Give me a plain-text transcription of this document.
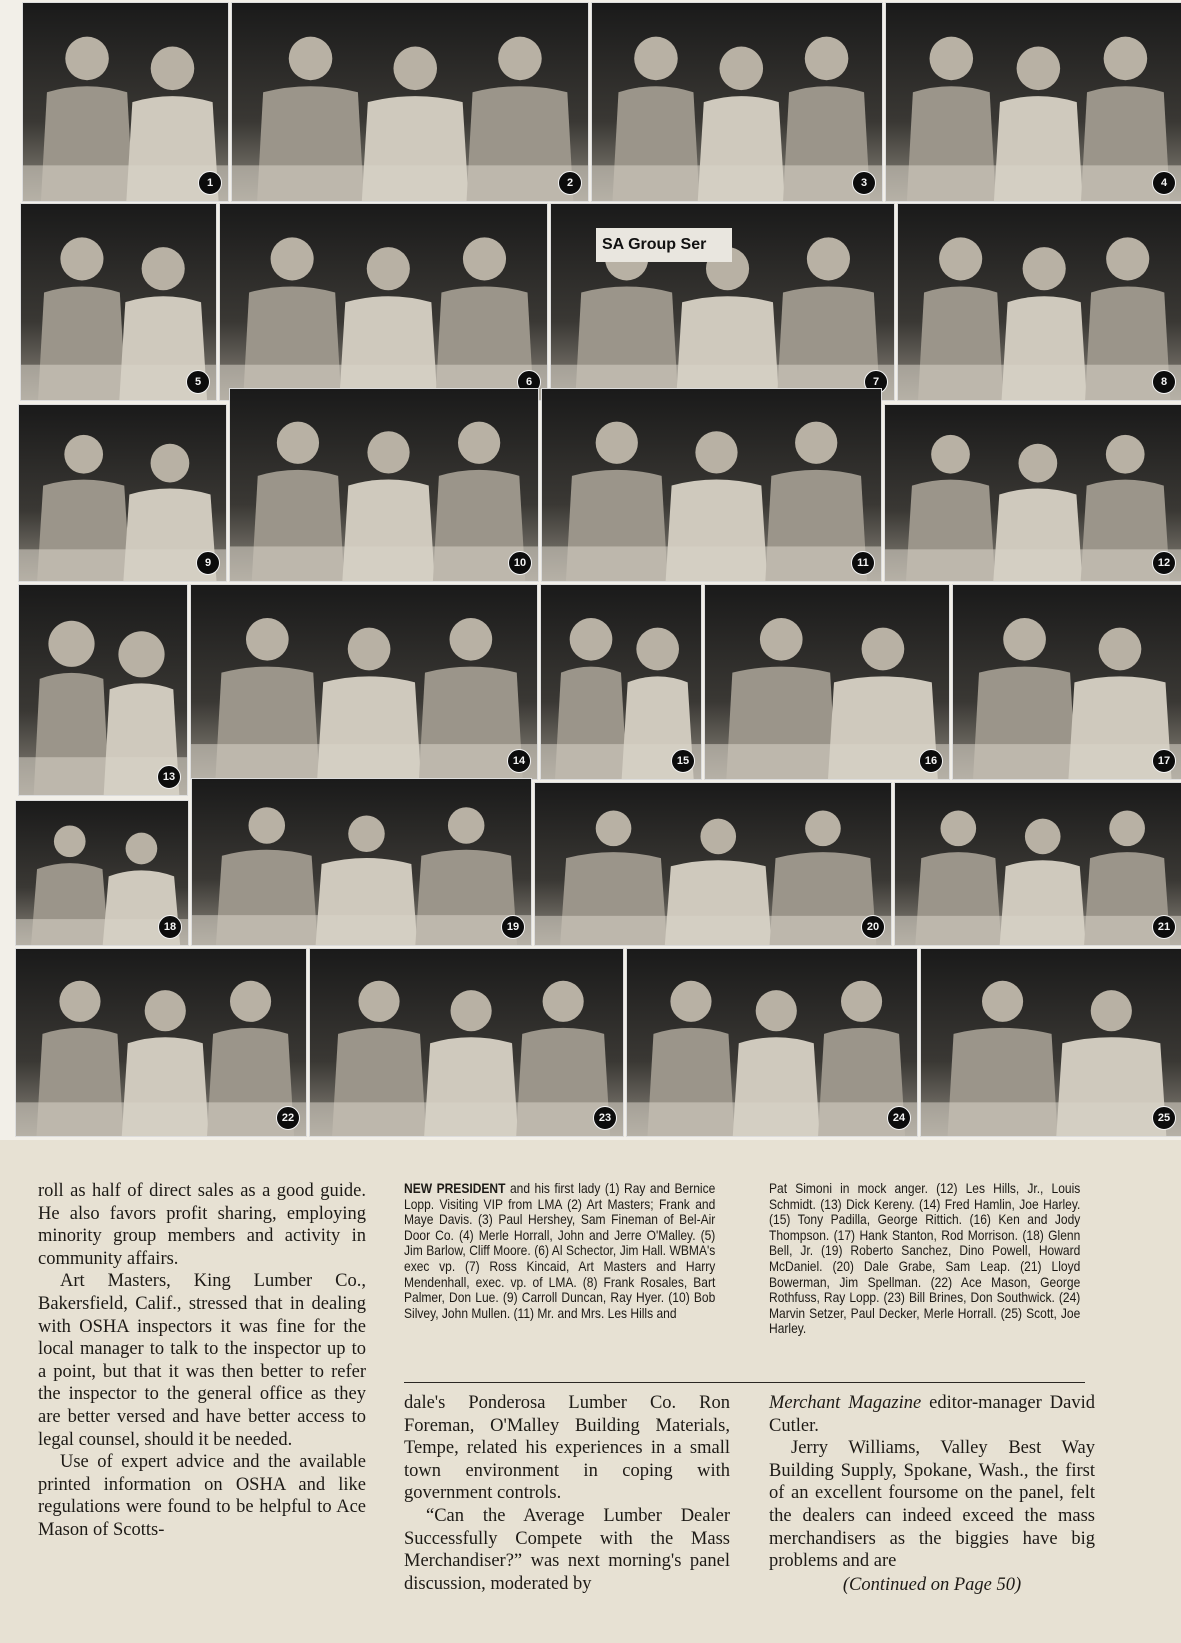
1	2	3	4
5	6
SA Group Ser
7	8
9	10	11	12
13
14	15	16	17
18	19	20	21
22	23	24	25

roll as half of direct sales as a good guide. He also favors profit sharing, employing minority group members and activity in community affairs.

Art Masters, King Lumber Co., Bakersfield, Calif., stressed that in dealing with OSHA inspectors it was fine for the local manager to talk to the inspector up to a point, but that it was then better to refer the inspector to the general office as they are better versed and have better access to legal counsel, should it be needed.

Use of expert advice and the available printed information on OSHA and like regulations were found to be helpful to Ace Mason of Scotts-

NEW PRESIDENT and his first lady (1) Ray and Bernice Lopp. Visiting VIP from LMA (2) Art Masters; Frank and Maye Davis. (3) Paul Hershey, Sam Fineman of Bel-Air Door Co. (4) Merle Horrall, John and Jerre O'Malley. (5) Jim Barlow, Cliff Moore. (6) Al Schector, Jim Hall. WBMA's exec vp. (7) Ross Kincaid, Art Masters and Harry Mendenhall, exec. vp. of LMA. (8) Frank Rosales, Bart Palmer, Don Lue. (9) Carroll Duncan, Ray Hyer. (10) Bob Silvey, John Mullen. (11) Mr. and Mrs. Les Hills and

Pat Simoni in mock anger. (12) Les Hills, Jr., Louis Schmidt. (13) Dick Kereny. (14) Fred Hamlin, Joe Harley. (15) Tony Padilla, George Rittich. (16) Ken and Jody Thompson. (17) Hank Stanton, Rod Morrison. (18) Glenn Bell, Jr. (19) Roberto Sanchez, Dino Powell, Howard McDaniel. (20) Dale Grabe, Sam Leap. (21) Lloyd Bowerman, Jim Spellman. (22) Ace Mason, George Rothfuss, Ray Lopp. (23) Bill Brines, Don Southwick. (24) Marvin Setzer, Paul Decker, Merle Horrall. (25) Scott, Joe Harley.

dale's Ponderosa Lumber Co. Ron Foreman, O'Malley Building Materials, Tempe, related his experiences in a small town environment in coping with government controls.

“Can the Average Lumber Dealer Successfully Compete with the Mass Merchandiser?” was next morning's panel discussion, moderated by

Merchant Magazine editor-manager David Cutler.

Jerry Williams, Valley Best Way Building Supply, Spokane, Wash., the first of an excellent foursome on the panel, felt the dealers can indeed exceed the mass merchandisers as the biggies have big problems and are

(Continued on Page 50)
